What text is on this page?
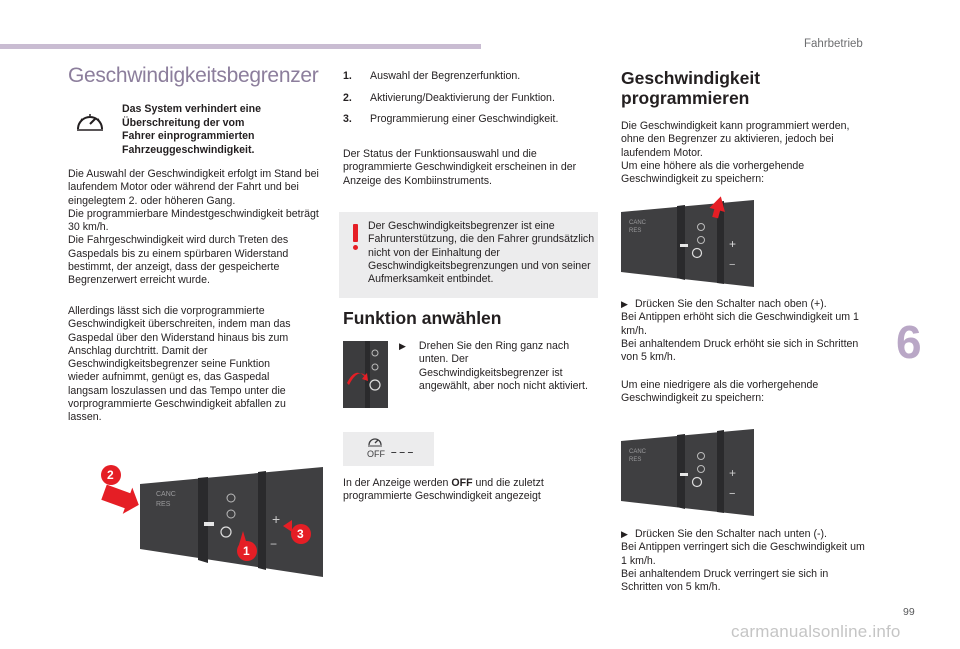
Fahrbetrieb
6
Geschwindigkeitsbegrenzer
Das System verhindert eine Überschreitung der vom Fahrer einprogrammierten Fahrzeuggeschwindigkeit.
Die Auswahl der Geschwindigkeit erfolgt im Stand bei laufendem Motor oder während der Fahrt und bei eingelegtem 2. oder höheren Gang.
Die programmierbare Mindestgeschwindigkeit beträgt 30 km/h.
Die Fahrgeschwindigkeit wird durch Treten des Gaspedals bis zu einem spürbaren Widerstand bestimmt, der anzeigt, dass der gespeicherte Begrenzerwert erreicht wurde.
Allerdings lässt sich die vorprogrammierte Geschwindigkeit überschreiten, indem man das Gaspedal über den Widerstand hinaus bis zum Anschlag durchtritt. Damit der Geschwindigkeitsbegrenzer seine Funktion wieder aufnimmt, genügt es, das Gaspedal langsam loszulassen und das Tempo unter die vorprogrammierte Geschwindigkeit abfallen zu lassen.
CANC
RES
+
−
2
1
3
1.	Auswahl der Begrenzerfunktion.
2.	Aktivierung/Deaktivierung der Funktion.
3.	Programmierung einer Geschwindigkeit.
Der Status der Funktionsauswahl und die programmierte Geschwindigkeit erscheinen in der Anzeige des Kombiinstruments.
Der Geschwindigkeitsbegrenzer ist eine Fahrunterstützung, die den Fahrer grundsätzlich nicht von der Einhaltung der Geschwindigkeitsbegrenzungen und von seiner Aufmerksamkeit entbindet.
Funktion anwählen
▶	Drehen Sie den Ring ganz nach unten. Der Geschwindigkeitsbegrenzer ist angewählt, aber noch nicht aktiviert.
OFF – – –
In der Anzeige werden OFF und die zuletzt programmierte Geschwindigkeit angezeigt
Geschwindigkeit programmieren
Die Geschwindigkeit kann programmiert werden, ohne den Begrenzer zu aktivieren, jedoch bei laufendem Motor.
Um eine höhere als die vorhergehende Geschwindigkeit zu speichern:
CANC
RES
+
−
▶ Drücken Sie den Schalter nach oben (+).
Bei Antippen erhöht sich die Geschwindigkeit um 1 km/h.
Bei anhaltendem Druck erhöht sie sich in Schritten von 5 km/h.
Um eine niedrigere als die vorhergehende Geschwindigkeit zu speichern:
CANC
RES
+
−
▶ Drücken Sie den Schalter nach unten (-).
Bei Antippen verringert sich die Geschwindigkeit um 1 km/h.
Bei anhaltendem Druck verringert sie sich in Schritten von 5 km/h.
99
carmanualsonline.info
